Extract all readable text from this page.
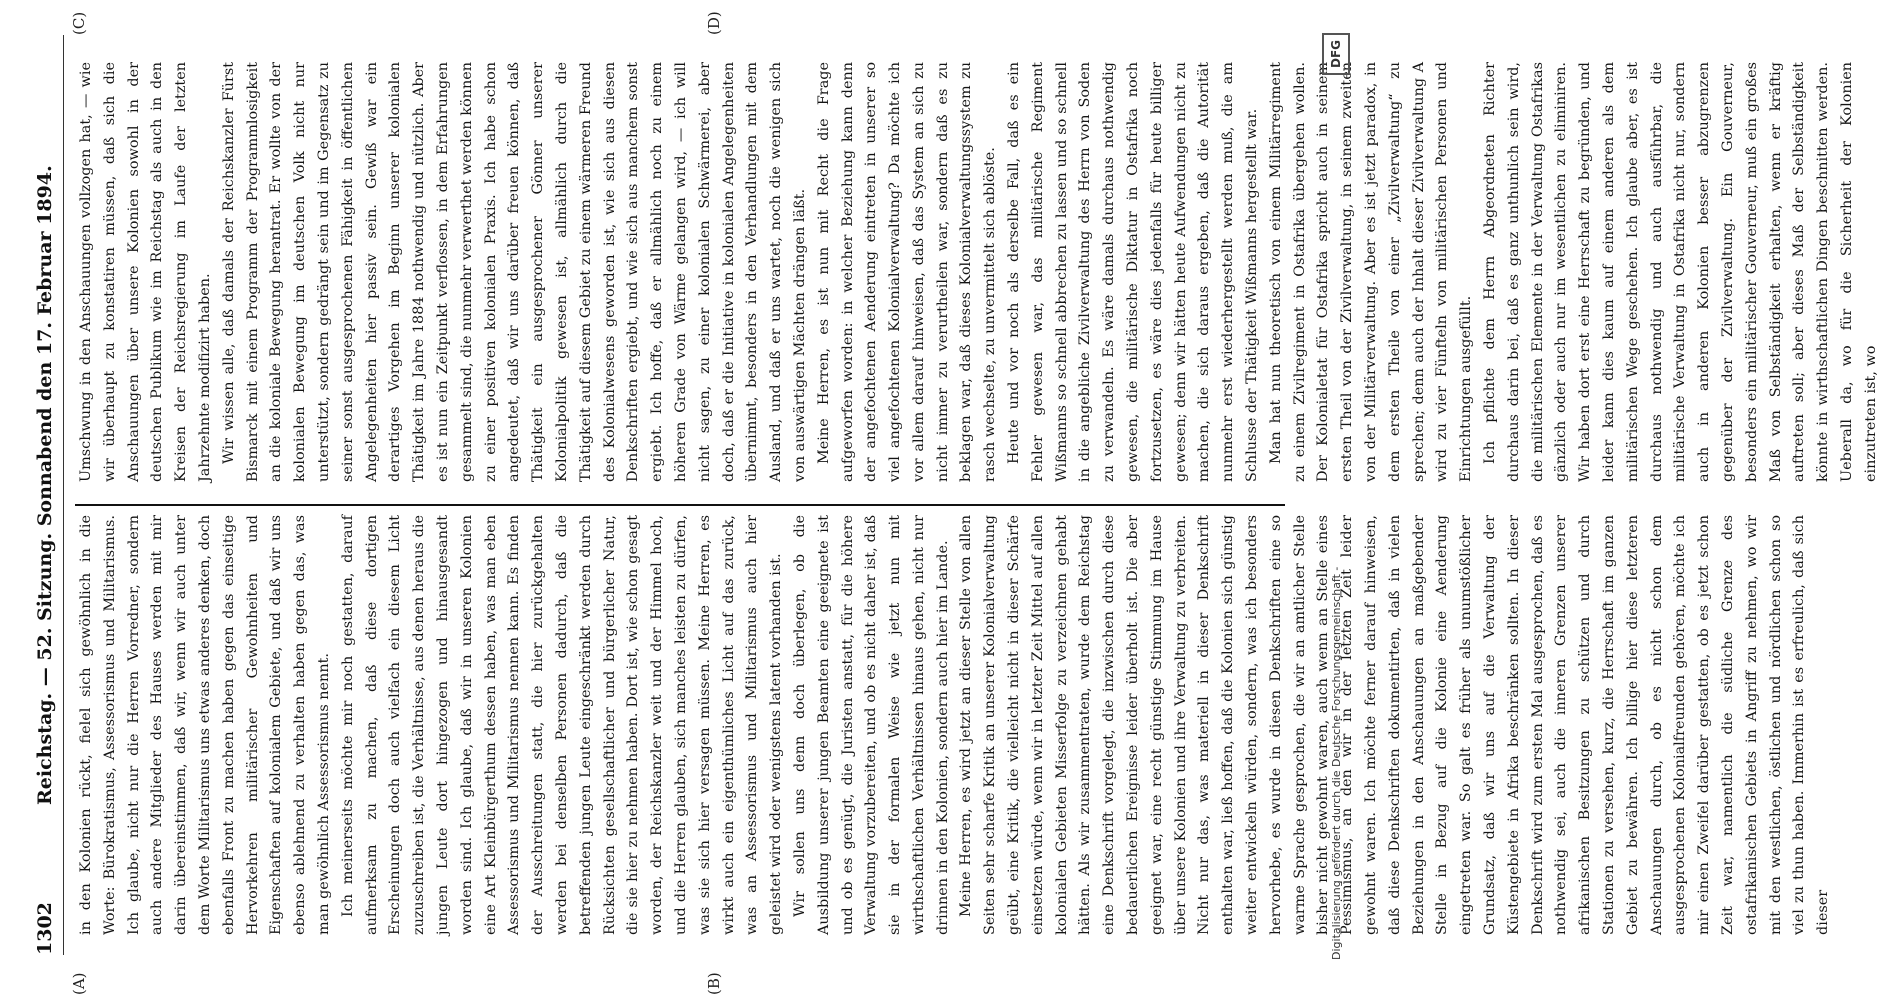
(A)	(B)
(C)	(D)
1302
Reichstag. — 52. Sitzung. Sonnabend den 17. Februar 1894. in den Kolonien rückt, fielel sich gewöhnlich in die Worte: Bürokratismus, Assessorismus und Militarismus. Ich glaube, nicht nur die Herren Vorredner, sondern auch andere Mitglieder des Hauses werden mit mir darin übereinstimmen, daß wir, wenn wir auch unter dem Worte Militarismus uns etwas anderes denken, doch ebenfalls Front zu machen haben gegen das einseitige Hervorkehren militärischer Gewohnheiten und Eigenschaften auf kolonialem Gebiete, und daß wir uns ebenso ablehnend zu verhalten haben gegen das, was man gewöhnlich Assessorismus nennt. Ich meinerseits möchte mir noch gestatten, darauf aufmerksam zu machen, daß diese dortigen Erscheinungen doch auch vielfach ein diesem Licht zuzuschreiben ist, die Verhältnisse, aus denen heraus die jungen Leute dort hingezogen und hinausgesandt worden sind. Ich glaube, daß wir in unseren Kolonien eine Art Kleinbürgerthum dessen haben, was man eben Assessorismus und Militarismus nennen kann. Es finden der Ausschreitungen statt, die hier zurückgehalten werden bei denselben Personen dadurch, daß die betreffenden jungen Leute eingeschränkt werden durch Rücksichten gesellschaftlicher und bürgerlicher Natur, die sie hier zu nehmen haben. Dort ist, wie schon gesagt worden, der Reichskanzler weit und der Himmel hoch, und die Herren glauben, sich manches leisten zu dürfen, was sie sich hier versagen müssen. Meine Herren, es wirkt auch ein eigenthümliches Licht auf das zurück, was an Assessorismus und Militarismus auch hier geleistet wird oder wenigstens latent vorhanden ist. Wir sollen uns denn doch überlegen, ob die Ausbildung unserer jungen Beamten eine geeignete ist und ob es genügt, die Juristen anstatt, für die höhere Verwaltung vorzubereiten, und ob es nicht daher ist, daß sie in der formalen Weise wie jetzt nun mit wirthschaftlichen Verhältnissen hinaus gehen, nicht nur drinnen in den Kolonien, sondern auch hier im Lande. Meine Herren, es wird jetzt an dieser Stelle von allen Seiten sehr scharfe Kritik an unserer Kolonialverwaltung geübt, eine Kritik, die vielleicht nicht in dieser Schärfe einsetzen würde, wenn wir in letzter Zeit Mittel auf allen kolonialen Gebieten Misserfolge zu verzeichnen gehabt hätten. Als wir zusammentraten, wurde dem Reichstag eine Denkschrift vorgelegt, die inzwischen durch diese bedauerlichen Ereignisse leider überholt ist. Die aber geeignet war, eine recht günstige Stimmung im Hause über unsere Kolonien und ihre Verwaltung zu verbreiten. Nicht nur das, was materiell in dieser Denkschrift enthalten war, ließ hoffen, daß die Kolonien sich günstig weiter entwickeln würden, sondern, was ich besonders hervorhebe, es wurde in diesen Denkschriften eine so warme Sprache gesprochen, die wir an amtlicher Stelle bisher nicht gewohnt waren, auch wenn an Stelle eines Pessimismus, an den wir in der letzten Zeit leider gewohnt waren. Ich möchte ferner darauf hinweisen, daß diese Denkschriften dokumentirten, daß in vielen Beziehungen in den Anschauungen an maßgebender Stelle in Bezug auf die Kolonie eine Aenderung eingetreten war. So galt es früher als unumstößlicher Grundsatz, daß wir uns auf die Verwaltung der Küstengebiete in Afrika beschränken sollten. In dieser Denkschrift wird zum ersten Mal ausgesprochen, daß es nothwendig sei, auch die inneren Grenzen unserer afrikanischen Besitzungen zu schützen und durch Stationen zu versehen, kurz, die Herrschaft im ganzen Gebiet zu bewähren. Ich billige hier diese letzteren Anschauungen durch, ob es nicht schon dem ausgesprochenen Kolonialfreunden gehören, möchte ich mir einen Zweifel darüber gestatten, ob es jetzt schon Zeit war, namentlich die südliche Grenze des ostafrikanischen Gebiets in Angriff zu nehmen, wo wir mit den westlichen, östlichen und nördlichen schon so viel zu thun haben. Immerhin ist es erfreulich, daß sich dieser

Umschwung in den Anschauungen vollzogen hat, — wie wir überhaupt zu konstatiren müssen, daß sich die Anschauungen über unsere Kolonien sowohl in der deutschen Publikum wie im Reichstag als auch in den Kreisen der Reichsregierung im Laufe der letzten Jahrzehnte modifizirt haben. Wir wissen alle, daß damals der Reichskanzler Fürst Bismarck mit einem Programm der Programmlosigkeit an die koloniale Bewegung herantrat. Er wollte von der kolonialen Bewegung im deutschen Volk nicht nur unterstützt, sondern gedrängt sein und im Gegensatz zu seiner sonst ausgesprochenen Fähigkeit in öffentlichen Angelegenheiten hier passiv sein. Gewiß war ein derartiges Vorgehen im Beginn unserer kolonialen Thätigkeit im Jahre 1884 nothwendig und nützlich. Aber es ist nun ein Zeitpunkt verflossen, in dem Erfahrungen gesammelt sind, die nunmehr verwerthet werden können zu einer positiven kolonialen Praxis. Ich habe schon angedeutet, daß wir uns darüber freuen können, daß Thätigkeit ein ausgesprochener Gönner unserer Kolonialpolitik gewesen ist, allmählich durch die Thätigkeit auf diesem Gebiet zu einem wärmeren Freund des Kolonialwesens geworden ist, wie sich aus diesen Denkschriften ergiebt, und wie sich aus manchem sonst ergiebt. Ich hoffe, daß er allmählich noch zu einem höheren Grade von Wärme gelangen wird, — ich will nicht sagen, zu einer kolonialen Schwärmerei, aber doch, daß er die Initiative in kolonialen Angelegenheiten übernimmt, besonders in den Verhandlungen mit dem Ausland, und daß er uns wartet, noch die wenigen sich von auswärtigen Mächten drängen läßt. Meine Herren, es ist nun mit Recht die Frage aufgeworfen worden: in welcher Beziehung kann denn der angefochtenen Aenderung eintreten in unserer so viel angefochtenen Kolonialverwaltung? Da möchte ich vor allem darauf hinweisen, daß das System an sich zu nicht immer zu verurtheilen war, sondern daß es zu beklagen war, daß dieses Kolonialverwaltungssystem zu rasch wechselte, zu unvermittelt sich ablöste. Heute und vor noch als derselbe Fall, daß es ein Fehler gewesen war, das militärische Regiment Wißmanns so schnell abbrechen zu lassen und so schnell in die angebliche Zivilverwaltung des Herrn von Soden zu verwandeln. Es wäre damals durchaus nothwendig gewesen, die militärische Diktatur in Ostafrika noch fortzusetzen, es wäre dies jedenfalls für heute billiger gewesen; denn wir hätten heute Aufwendungen nicht zu machen, die sich daraus ergeben, daß die Autorität nunmehr erst wiederhergestellt werden muß, die am Schlusse der Thätigkeit Wißmanns hergestellt war. Man hat nun theoretisch von einem Militärregiment zu einem Zivilregiment in Ostafrika übergehen wollen. Der Kolonialetat für Ostafrika spricht auch in seinem ersten Theil von der Zivilverwaltung, in seinem zweiten von der Militärverwaltung. Aber es ist jetzt paradox, in dem ersten Theile von einer „Zivilverwaltung“ zu sprechen; denn auch der Inhalt dieser Zivilverwaltung A wird zu vier Fünfteln von militärischen Personen und Einrichtungen ausgefüllt. Ich pflichte dem Herrn Abgeordneten Richter durchaus darin bei, daß es ganz unthunlich sein wird, die militärischen Elemente in der Verwaltung Ostafrikas gänzlich oder auch nur im wesentlichen zu eliminiren. Wir haben dort erst eine Herrschaft zu begründen, und leider kann dies kaum auf einem anderen als dem militärischen Wege geschehen. Ich glaube aber, es ist durchaus nothwendig und auch ausführbar, die militärische Verwaltung in Ostafrika nicht nur, sondern auch in anderen Kolonien besser abzugrenzen gegenüber der Zivilverwaltung. Ein Gouverneur, besonders ein militärischer Gouverneur, muß ein großes Maß von Selbständigkeit erhalten, wenn er kräftig auftreten soll; aber dieses Maß der Selbständigkeit könnte in wirthschaftlichen Dingen beschnitten werden. Ueberall da, wo für die Sicherheit der Kolonien einzutreten ist, wo

Digitalisierung gefördert durch die Deutsche Forschungsgemeinschaft -
DFG
